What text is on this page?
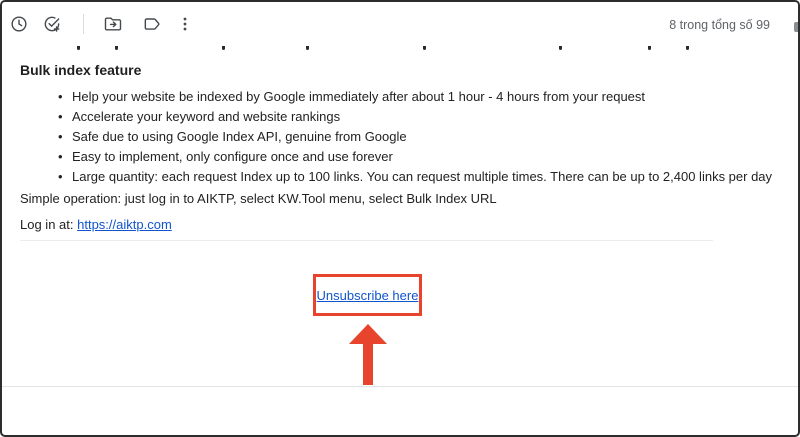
8 trong tổng số 99
Bulk index feature
• Help your website be indexed by Google immediately after about 1 hour - 4 hours from your request
• Accelerate your keyword and website rankings
• Safe due to using Google Index API, genuine from Google
• Easy to implement, only configure once and use forever
• Large quantity: each request Index up to 100 links. You can request multiple times. There can be up to 2,400 links per day
Simple operation: just log in to AIKTP, select KW.Tool menu, select Bulk Index URL
Log in at: https://aiktp.com
Unsubscribe here
